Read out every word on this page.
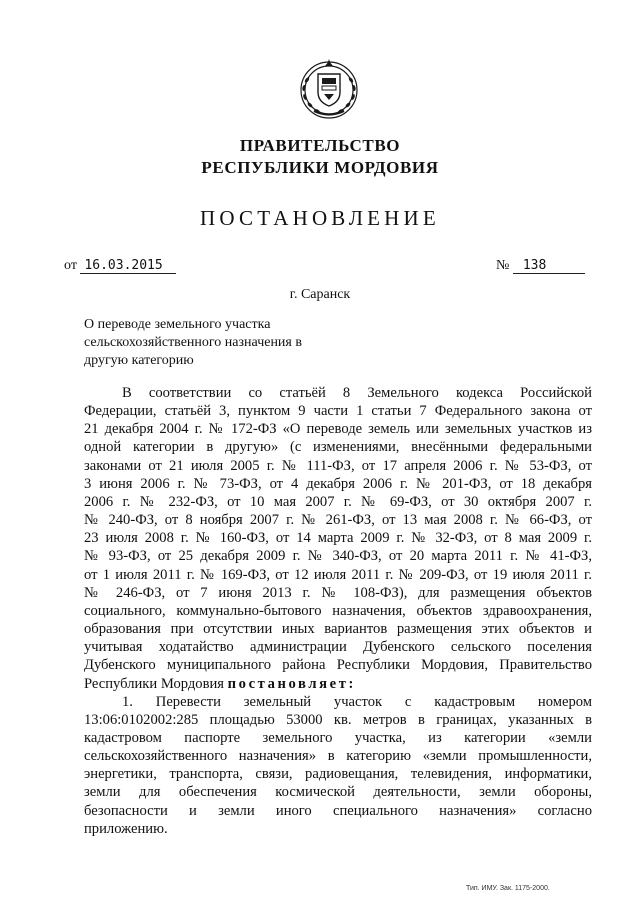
ПРАВИТЕЛЬСТВО
РЕСПУБЛИКИ МОРДОВИЯ
ПОСТАНОВЛЕНИЕ
от 16.03.2015	№ 138
г. Саранск
О переводе земельного участка
сельскохозяйственного назначения в
другую категорию
В соответствии со статьёй 8 Земельного кодекса Российской
Федерации, статьёй 3, пунктом 9 части 1 статьи 7 Федерального закона от
21 декабря 2004 г. № 172-ФЗ «О переводе земель или земельных участков из
одной категории в другую» (с изменениями, внесёнными федеральными
законами от 21 июля 2005 г. № 111-ФЗ, от 17 апреля 2006 г. № 53-ФЗ, от
3 июня 2006 г. № 73-ФЗ, от 4 декабря 2006 г. № 201-ФЗ, от 18 декабря
2006 г. № 232-ФЗ, от 10 мая 2007 г. № 69-ФЗ, от 30 октября 2007 г.
№ 240-ФЗ, от 8 ноября 2007 г. № 261-ФЗ, от 13 мая 2008 г. № 66-ФЗ, от
23 июля 2008 г. № 160-ФЗ, от 14 марта 2009 г. № 32-ФЗ, от 8 мая 2009 г.
№ 93-ФЗ, от 25 декабря 2009 г. № 340-ФЗ, от 20 марта 2011 г. № 41-ФЗ,
от 1 июля 2011 г. № 169-ФЗ, от 12 июля 2011 г. № 209-ФЗ, от 19 июля 2011 г.
№ 246-ФЗ, от 7 июня 2013 г. № 108-ФЗ), для размещения объектов
социального, коммунально-бытового назначения, объектов здравоохранения,
образования при отсутствии иных вариантов размещения этих объектов и
учитывая ходатайство администрации Дубенского сельского поселения
Дубенского муниципального района Республики Мордовия, Правительство
Республики Мордовия постановляет:
1. Перевести земельный участок с кадастровым номером
13:06:0102002:285 площадью 53000 кв. метров в границах, указанных в
кадастровом паспорте земельного участка, из категории «земли
сельскохозяйственного назначения» в категорию «земли промышленности,
энергетики, транспорта, связи, радиовещания, телевидения, информатики,
земли для обеспечения космической деятельности, земли обороны,
безопасности и земли иного специального назначения» согласно
приложению.
Тип. ИМУ. Зак. 1175-2000.
